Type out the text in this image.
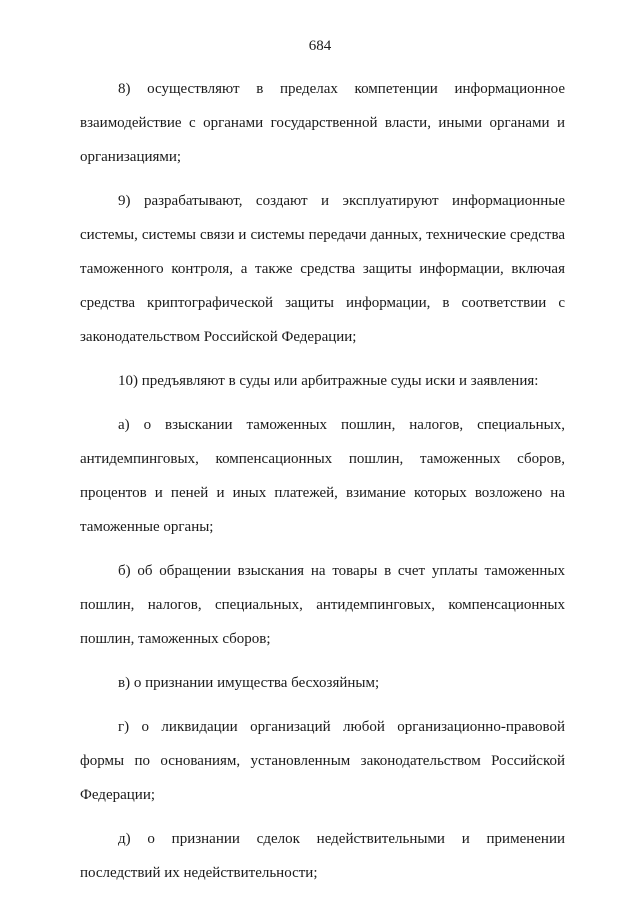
684

8) осуществляют в пределах компетенции информационное взаимодействие с органами государственной власти, иными органами и организациями;

9) разрабатывают, создают и эксплуатируют информационные системы, системы связи и системы передачи данных, технические средства таможенного контроля, а также средства защиты информации, включая средства криптографической защиты информации, в соответствии с законодательством Российской Федерации;

10) предъявляют в суды или арбитражные суды иски и заявления:

а) о взыскании таможенных пошлин, налогов, специальных, антидемпинговых, компенсационных пошлин, таможенных сборов, процентов и пеней и иных платежей, взимание которых возложено на таможенные органы;

б) об обращении взыскания на товары в счет уплаты таможенных пошлин, налогов, специальных, антидемпинговых, компенсационных пошлин, таможенных сборов;

в) о признании имущества бесхозяйным;

г) о ликвидации организаций любой организационно-правовой формы по основаниям, установленным законодательством Российской Федерации;

д) о признании сделок недействительными и применении последствий их недействительности;
